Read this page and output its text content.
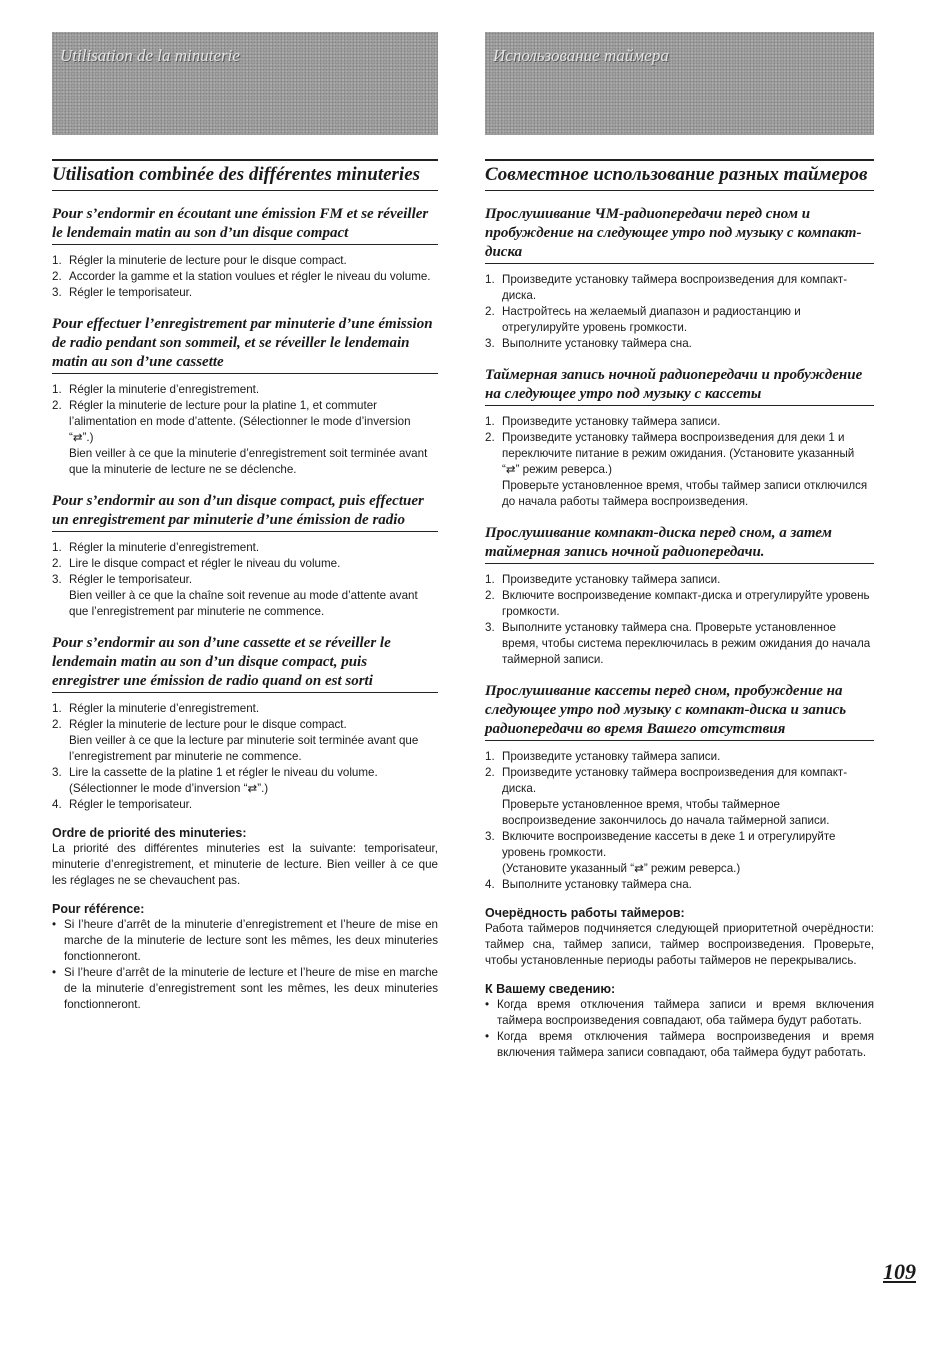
Utilisation de la minuterie
Utilisation combinée des différentes minuteries
Pour s’endormir en écoutant une émission FM et se réveiller le lendemain matin au son d’un disque compact
1. Régler la minuterie de lecture pour le disque compact.
2. Accorder la gamme et la station voulues et régler le niveau du volume.
3. Régler le temporisateur.
Pour effectuer l’enregistrement par minuterie d’une émission de radio pendant son sommeil, et se réveiller le lendemain matin au son d’une cassette
1. Régler la minuterie d’enregistrement.
2. Régler la minuterie de lecture pour la platine 1, et commuter l’alimentation en mode d’attente. (Sélectionner le mode d’inversion “⇄”.)
Bien veiller à ce que la minuterie d’enregistrement soit terminée avant que la minuterie de lecture ne se déclenche.
Pour s’endormir au son d’un disque compact, puis effectuer un enregistrement par minuterie d’une émission de radio
1. Régler la minuterie d’enregistrement.
2. Lire le disque compact et régler le niveau du volume.
3. Régler le temporisateur.
Bien veiller à ce que la chaîne soit revenue au mode d’attente avant que l’enregistrement par minuterie ne commence.
Pour s’endormir au son d’une cassette et se réveiller le lendemain matin au son d’un disque compact, puis enregistrer une émission de radio quand on est sorti
1. Régler la minuterie d’enregistrement.
2. Régler la minuterie de lecture pour le disque compact.
Bien veiller à ce que la lecture par minuterie soit terminée avant que l’enregistrement par minuterie ne commence.
3. Lire la cassette de la platine 1 et régler le niveau du volume. (Sélectionner le mode d’inversion “⇄”.)
4. Régler le temporisateur.
Ordre de priorité des minuteries:
La priorité des différentes minuteries est la suivante: temporisateur, minuterie d’enregistrement, et minuterie de lecture. Bien veiller à ce que les réglages ne se chevauchent pas.
Pour référence:
• Si l’heure d’arrêt de la minuterie d’enregistrement et l’heure de mise en marche de la minuterie de lecture sont les mêmes, les deux minuteries fonctionneront.
• Si l’heure d’arrêt de la minuterie de lecture et l’heure de mise en marche de la minuterie d’enregistrement sont les mêmes, les deux minuteries fonctionneront.
Использование таймера
Совместное использование разных таймеров
Прослушивание ЧМ-радиопередачи перед сном и пробуждение на следующее утро под музыку с компакт-диска
1. Произведите установку таймера воспроизведения для компакт-диска.
2. Настройтесь на желаемый диапазон и радиостанцию и отрегулируйте уровень громкости.
3. Выполните установку таймера сна.
Таймерная запись ночной радиопередачи и пробуждение на следующее утро под музыку с кассеты
1. Произведите установку таймера записи.
2. Произведите установку таймера воспроизведения для деки 1 и переключите питание в режим ожидания. (Установите указанный “⇄” режим реверса.)
Проверьте установленное время, чтобы таймер записи отключился до начала работы таймера воспроизведения.
Прослушивание компакт-диска перед сном, а затем таймерная запись ночной радиопередачи.
1. Произведите установку таймера записи.
2. Включите воспроизведение компакт-диска и отрегулируйте уровень громкости.
3. Выполните установку таймера сна. Проверьте установленное время, чтобы система переключилась в режим ожидания до начала таймерной записи.
Прослушивание кассеты перед сном, пробуждение на следующее утро под музыку с компакт-диска и запись радиопередачи во время Вашего отсутствия
1. Произведите установку таймера записи.
2. Произведите установку таймера воспроизведения для компакт-диска.
Проверьте установленное время, чтобы таймерное воспроизведение закончилось до начала таймерной записи.
3. Включите воспроизведение кассеты в деке 1 и отрегулируйте уровень громкости.
(Установите указанный “⇄” режим реверса.)
4. Выполните установку таймера сна.
Очерёдность работы таймеров:
Работа таймеров подчиняется следующей приоритетной очерёдности: таймер сна, таймер записи, таймер воспроизведения. Проверьте, чтобы установленные периоды работы таймеров не перекрывались.
К Вашему сведению:
• Когда время отключения таймера записи и время включения таймера воспроизведения совпадают, оба таймера будут работать.
• Когда время отключения таймера воспроизведения и время включения таймера записи совпадают, оба таймера будут работать.
109
